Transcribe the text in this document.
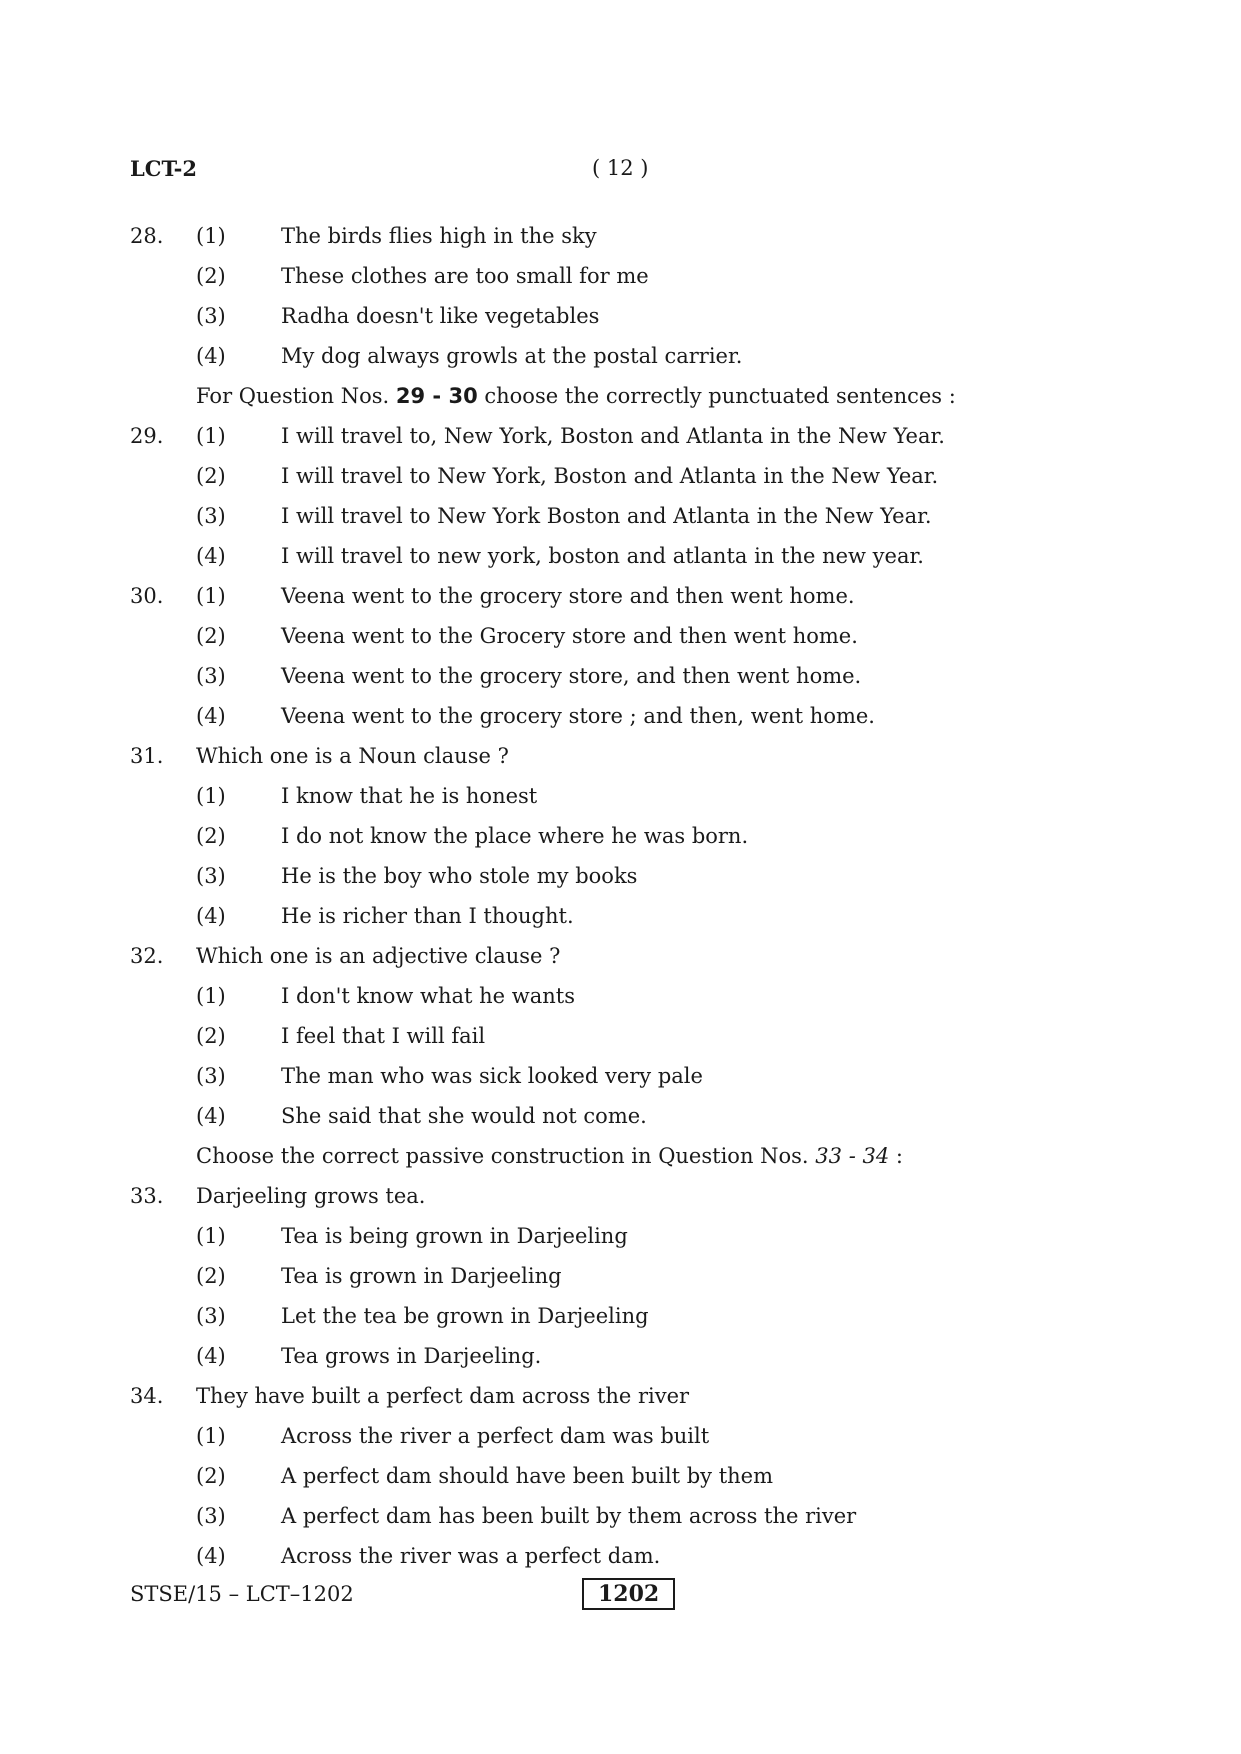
LCT-2	( 12 )
28. (1)	The birds flies high in the sky
(2)	These clothes are too small for me
(3)	Radha doesn't like vegetables
(4)	My dog always growls at the postal carrier.
For Question Nos. 29 - 30 choose the correctly punctuated sentences :
29. (1)	I will travel to, New York, Boston and Atlanta in the New Year.
(2)	I will travel to New York, Boston and Atlanta in the New Year.
(3)	I will travel to New York Boston and Atlanta in the New Year.
(4)	I will travel to new york, boston and atlanta in the new year.
30. (1)	Veena went to the grocery store and then went home.
(2)	Veena went to the Grocery store and then went home.
(3)	Veena went to the grocery store, and then went home.
(4)	Veena went to the grocery store ; and then, went home.
31. Which one is a Noun clause ?
(1)	I know that he is honest
(2)	I do not know the place where he was born.
(3)	He is the boy who stole my books
(4)	He is richer than I thought.
32. Which one is an adjective clause ?
(1)	I don't know what he wants
(2)	I feel that I will fail
(3)	The man who was sick looked very pale
(4)	She said that she would not come.
Choose the correct passive construction in Question Nos. 33 - 34 :
33. Darjeeling grows tea.
(1)	Tea is being grown in Darjeeling
(2)	Tea is grown in Darjeeling
(3)	Let the tea be grown in Darjeeling
(4)	Tea grows in Darjeeling.
34. They have built a perfect dam across the river
(1)	Across the river a perfect dam was built
(2)	A perfect dam should have been built by them
(3)	A perfect dam has been built by them across the river
(4)	Across the river was a perfect dam.
STSE/15 – LCT–1202	1202
